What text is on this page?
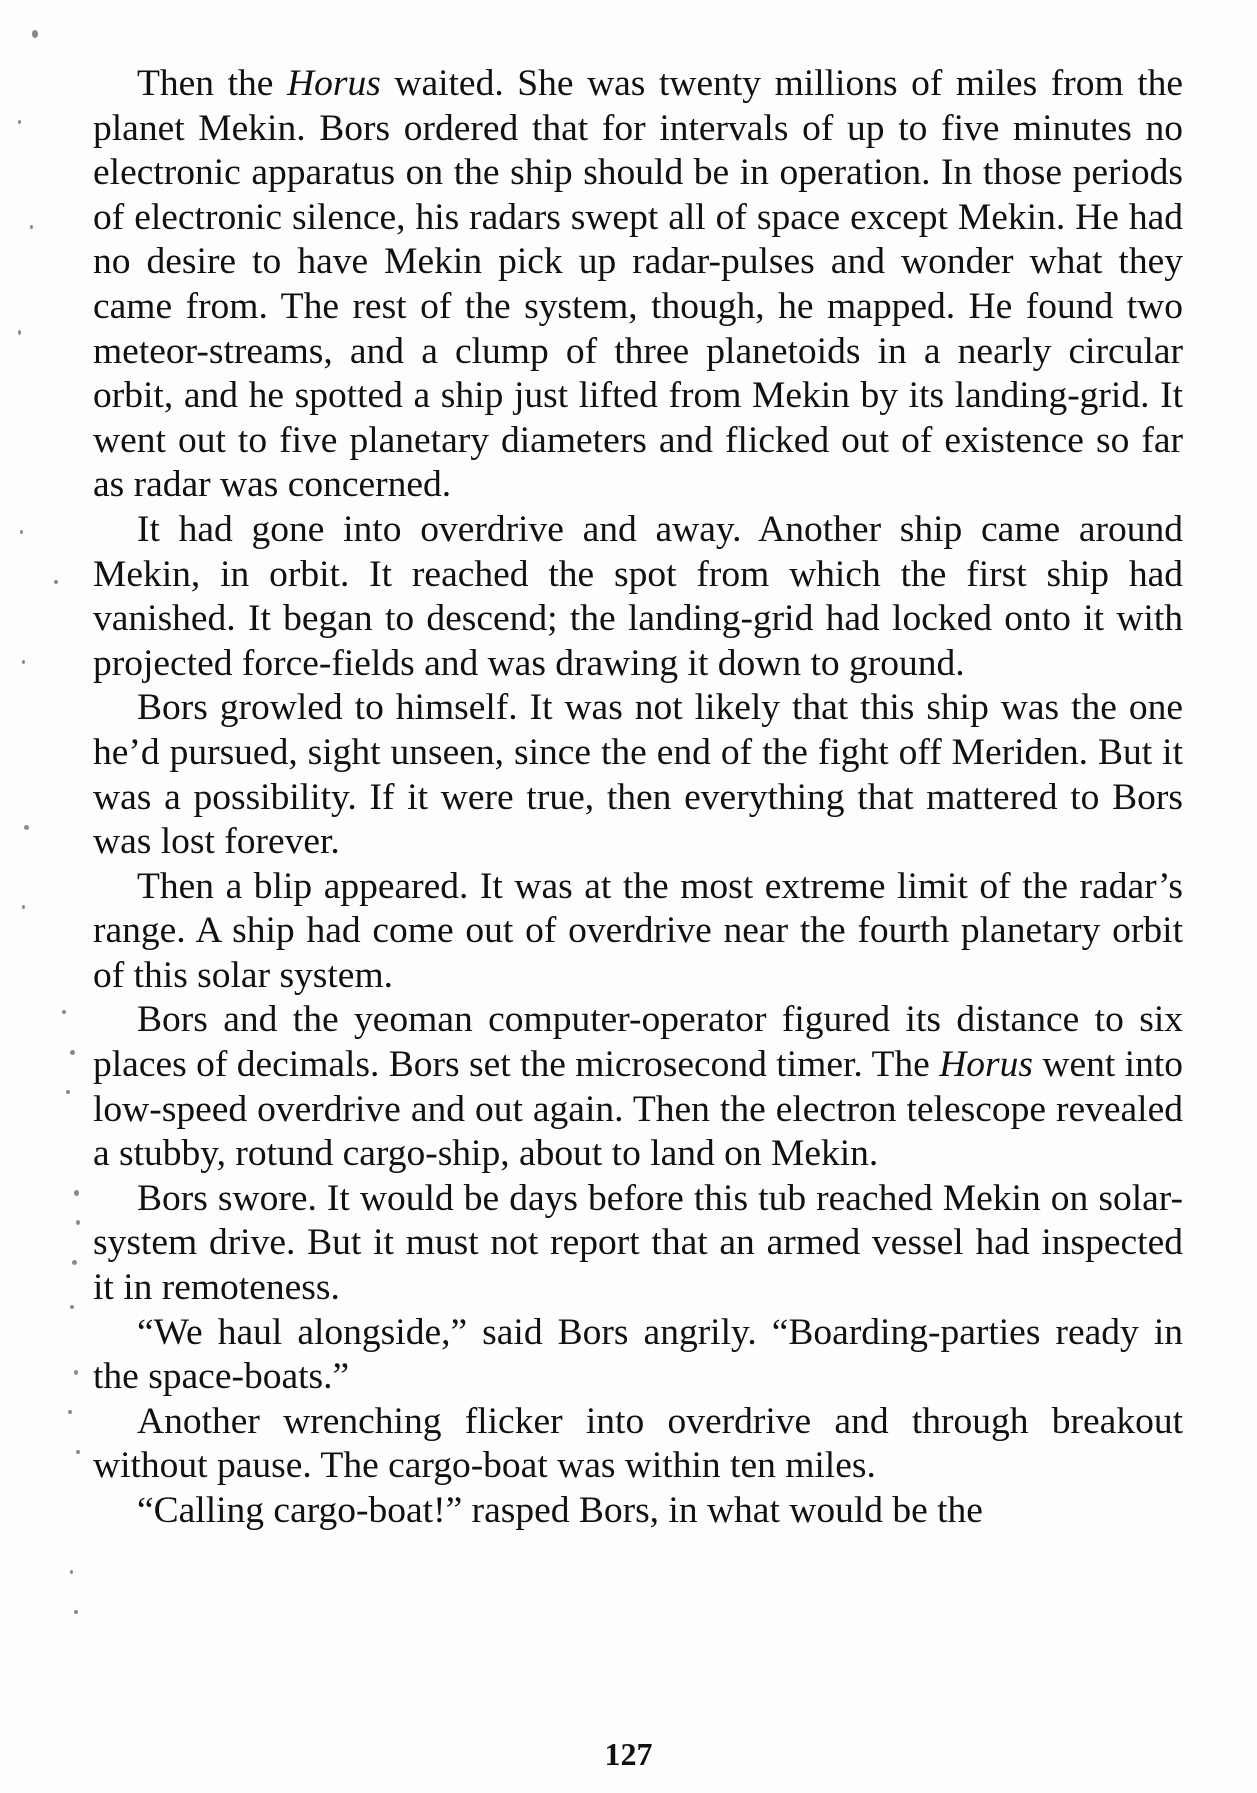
Then the Horus waited. She was twenty millions of miles from the planet Mekin. Bors ordered that for intervals of up to five minutes no electronic apparatus on the ship should be in operation. In those periods of electronic silence, his radars swept all of space except Mekin. He had no desire to have Mekin pick up radar-pulses and wonder what they came from. The rest of the system, though, he mapped. He found two meteor-streams, and a clump of three planetoids in a nearly circular orbit, and he spotted a ship just lifted from Mekin by its landing-grid. It went out to five planetary diameters and flicked out of existence so far as radar was concerned.

It had gone into overdrive and away. Another ship came around Mekin, in orbit. It reached the spot from which the first ship had vanished. It began to descend; the landing-grid had locked onto it with projected force-fields and was drawing it down to ground.

Bors growled to himself. It was not likely that this ship was the one he’d pursued, sight unseen, since the end of the fight off Meriden. But it was a possibility. If it were true, then everything that mattered to Bors was lost forever.

Then a blip appeared. It was at the most extreme limit of the radar’s range. A ship had come out of overdrive near the fourth planetary orbit of this solar system.

Bors and the yeoman computer-operator figured its distance to six places of decimals. Bors set the microsecond timer. The Horus went into low-speed overdrive and out again. Then the electron telescope revealed a stubby, rotund cargo-ship, about to land on Mekin.

Bors swore. It would be days before this tub reached Mekin on solar-system drive. But it must not report that an armed vessel had inspected it in remoteness.

“We haul alongside,” said Bors angrily. “Boarding-parties ready in the space-boats.”

Another wrenching flicker into overdrive and through breakout without pause. The cargo-boat was within ten miles.

“Calling cargo-boat!” rasped Bors, in what would be the

127
